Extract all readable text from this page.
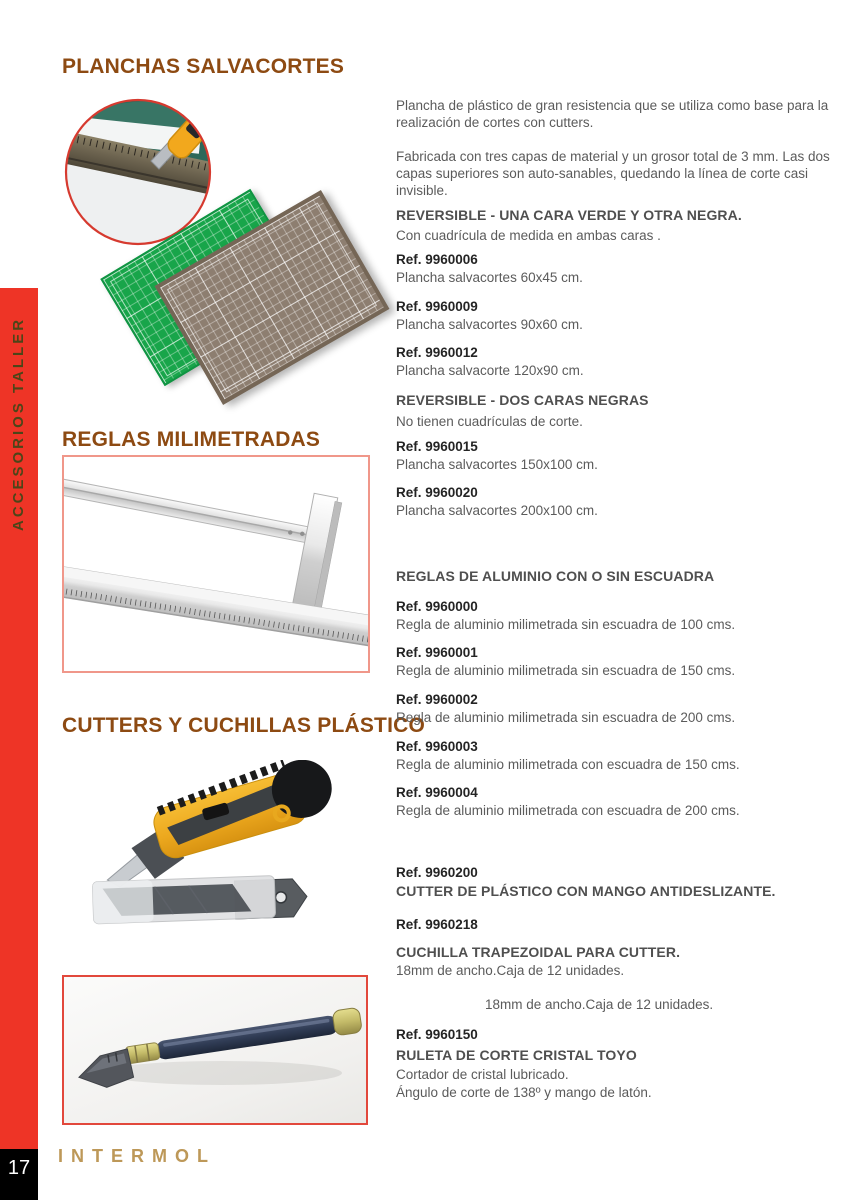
ACCESORIOS TALLER
17
INTERMOL
PLANCHAS SALVACORTES
REGLAS MILIMETRADAS
CUTTERS Y CUCHILLAS PLÁSTICO
Plancha de plástico de gran resistencia que se utiliza como base para la realización de cortes con cutters.
Fabricada con tres capas de material y un grosor total de 3 mm. Las dos capas superiores son auto-sanables, quedando la línea de corte casi invisible.
REVERSIBLE - UNA CARA VERDE Y OTRA NEGRA.
Con cuadrícula de medida en ambas caras .
Ref. 9960006
Plancha salvacortes 60x45 cm.
Ref. 9960009
Plancha salvacortes 90x60 cm.
Ref. 9960012
Plancha salvacorte 120x90 cm.
REVERSIBLE - DOS CARAS NEGRAS
No tienen cuadrículas de corte.
Ref. 9960015
Plancha salvacortes 150x100 cm.
Ref. 9960020
Plancha salvacortes 200x100 cm.
REGLAS DE ALUMINIO CON O SIN ESCUADRA
Ref. 9960000
Regla de aluminio milimetrada sin escuadra de 100 cms.
Ref. 9960001
Regla de aluminio milimetrada sin escuadra de 150 cms.
Ref. 9960002
Regla de aluminio milimetrada sin escuadra de 200 cms.
Ref. 9960003
Regla de aluminio milimetrada con escuadra de 150 cms.
Ref. 9960004
Regla de aluminio milimetrada con escuadra de 200 cms.
Ref. 9960200
CUTTER DE PLÁSTICO CON MANGO ANTIDESLIZANTE.
Ref. 9960218
CUCHILLA TRAPEZOIDAL PARA CUTTER.
18mm de ancho.Caja de 12 unidades.
18mm de ancho.Caja de 12 unidades.
Ref. 9960150
RULETA DE CORTE CRISTAL TOYO
Cortador de cristal lubricado.
Ángulo de corte de 138º y mango de latón.
